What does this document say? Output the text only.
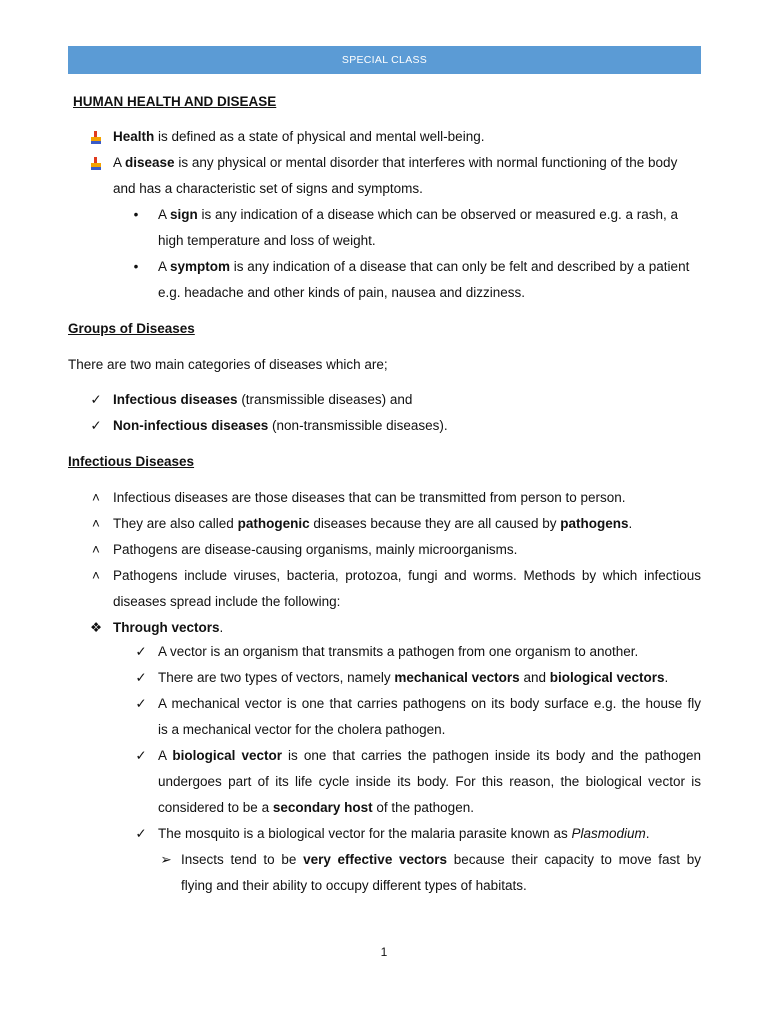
SPECIAL CLASS
HUMAN HEALTH AND DISEASE
Health is defined as a state of physical and mental well-being.
A disease is any physical or mental disorder that interferes with normal functioning of the body
and has a characteristic set of signs and symptoms.
•	A sign is any indication of a disease which can be observed or measured e.g. a rash, a
high temperature and loss of weight.
•	A symptom is any indication of a disease that can only be felt and described by a patient
e.g. headache and other kinds of pain, nausea and dizziness.
Groups of Diseases
There are two main categories of diseases which are;
✓ Infectious diseases (transmissible diseases) and
✓ Non-infectious diseases (non-transmissible diseases).
Infectious Diseases
˄ Infectious diseases are those diseases that can be transmitted from person to person.
˄ They are also called pathogenic diseases because they are all caused by pathogens.
˄ Pathogens are disease-causing organisms, mainly microorganisms.
˄ Pathogens include viruses, bacteria, protozoa, fungi and worms. Methods by which infectious
diseases spread include the following:
❖ Through vectors.
✓ A vector is an organism that transmits a pathogen from one organism to another.
✓ There are two types of vectors, namely mechanical vectors and biological vectors.
✓ A mechanical vector is one that carries pathogens on its body surface e.g. the house fly
is a mechanical vector for the cholera pathogen.
✓ A biological vector is one that carries the pathogen inside its body and the pathogen
undergoes part of its life cycle inside its body. For this reason, the biological vector is
considered to be a secondary host of the pathogen.
✓ The mosquito is a biological vector for the malaria parasite known as Plasmodium.
➢ Insects tend to be very effective vectors because their capacity to move fast by
flying and their ability to occupy different types of habitats.
1
